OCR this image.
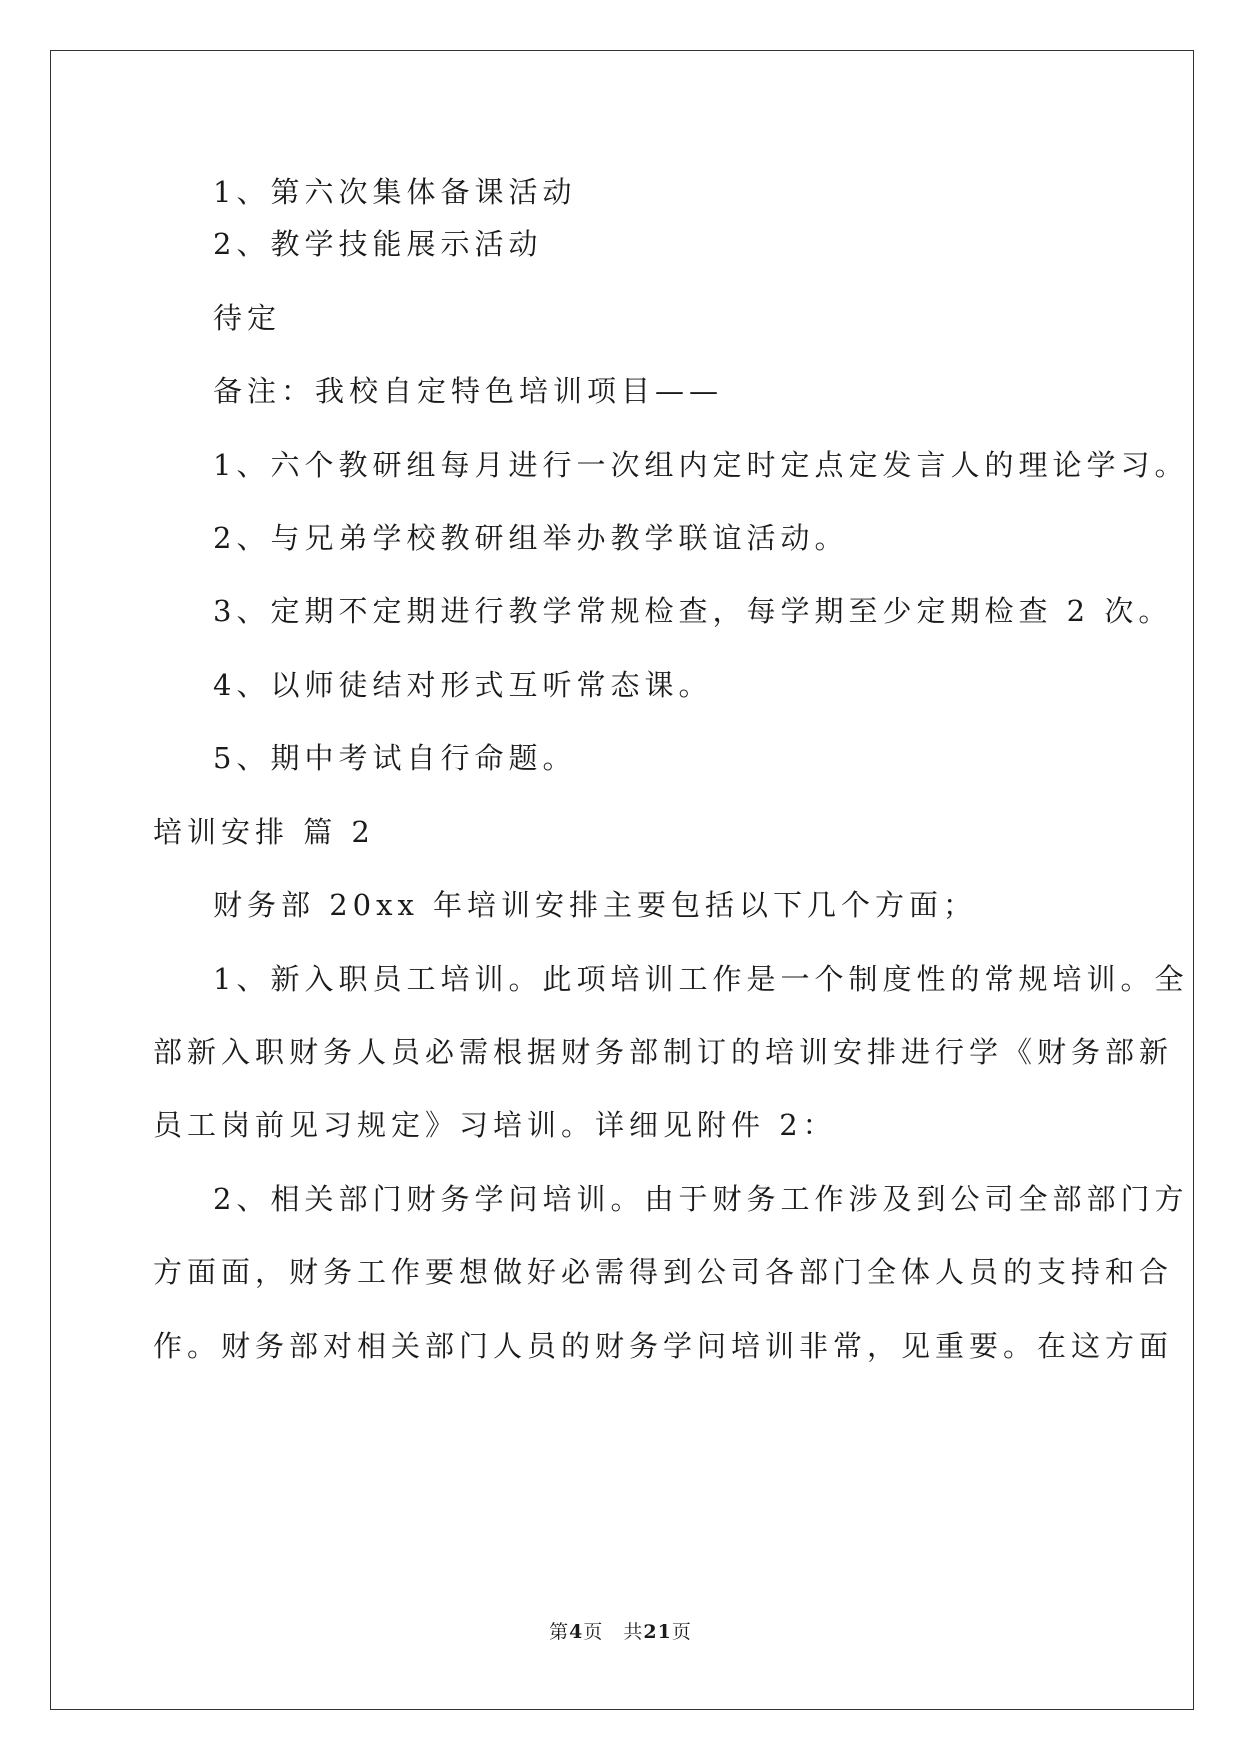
1、第六次集体备课活动
2、教学技能展示活动
待定
备注：我校自定特色培训项目——
1、六个教研组每月进行一次组内定时定点定发言人的理论学习。
2、与兄弟学校教研组举办教学联谊活动。
3、定期不定期进行教学常规检查，每学期至少定期检查 2 次。
4、以师徒结对形式互听常态课。
5、期中考试自行命题。
培训安排 篇 2
财务部 20xx 年培训安排主要包括以下几个方面；
1、新入职员工培训。此项培训工作是一个制度性的常规培训。全
部新入职财务人员必需根据财务部制订的培训安排进行学《财务部新
员工岗前见习规定》习培训。详细见附件 2：
2、相关部门财务学问培训。由于财务工作涉及到公司全部部门方
方面面，财务工作要想做好必需得到公司各部门全体人员的支持和合
作。财务部对相关部门人员的财务学问培训非常，见重要。在这方面
第4页　共21页
